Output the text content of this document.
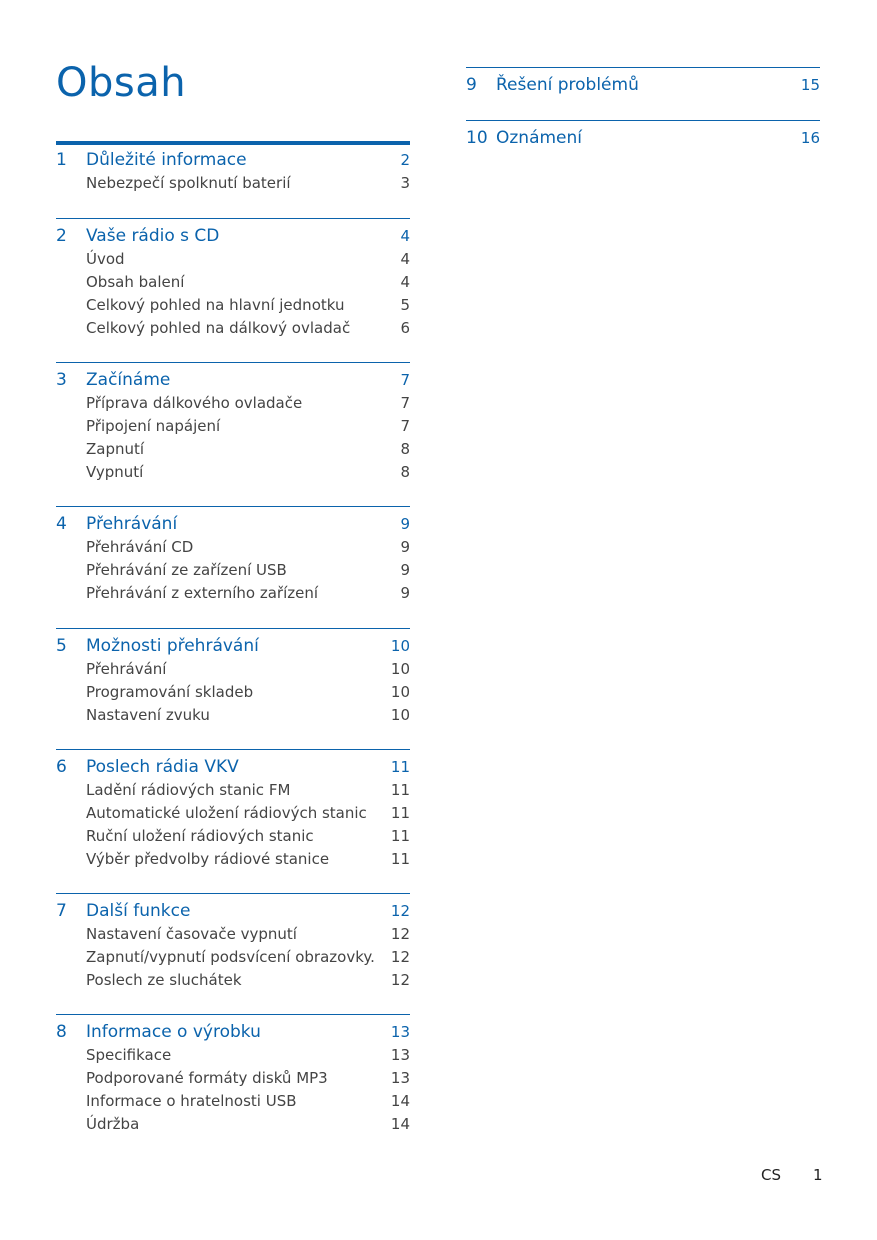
Obsah
1	Důležité informace	2
Nebezpečí spolknutí baterií	3
2	Vaše rádio s CD	4
Úvod	4
Obsah balení	4
Celkový pohled na hlavní jednotku	5
Celkový pohled na dálkový ovladač	6
3	Začínáme	7
Příprava dálkového ovladače	7
Připojení napájení	7
Zapnutí	8
Vypnutí	8
4	Přehrávání	9
Přehrávání CD	9
Přehrávání ze zařízení USB	9
Přehrávání z externího zařízení	9
5	Možnosti přehrávání	10
Přehrávání	10
Programování skladeb	10
Nastavení zvuku	10
6	Poslech rádia VKV	11
Ladění rádiových stanic FM	11
Automatické uložení rádiových stanic	11
Ruční uložení rádiových stanic	11
Výběr předvolby rádiové stanice	11
7	Další funkce	12
Nastavení časovače vypnutí	12
Zapnutí/vypnutí podsvícení obrazovky.	12
Poslech ze sluchátek	12
8	Informace o výrobku	13
Specifikace	13
Podporované formáty disků MP3	13
Informace o hratelnosti USB	14
Údržba	14
9	Řešení problémů	15
10 Oznámení	16
CS 1
